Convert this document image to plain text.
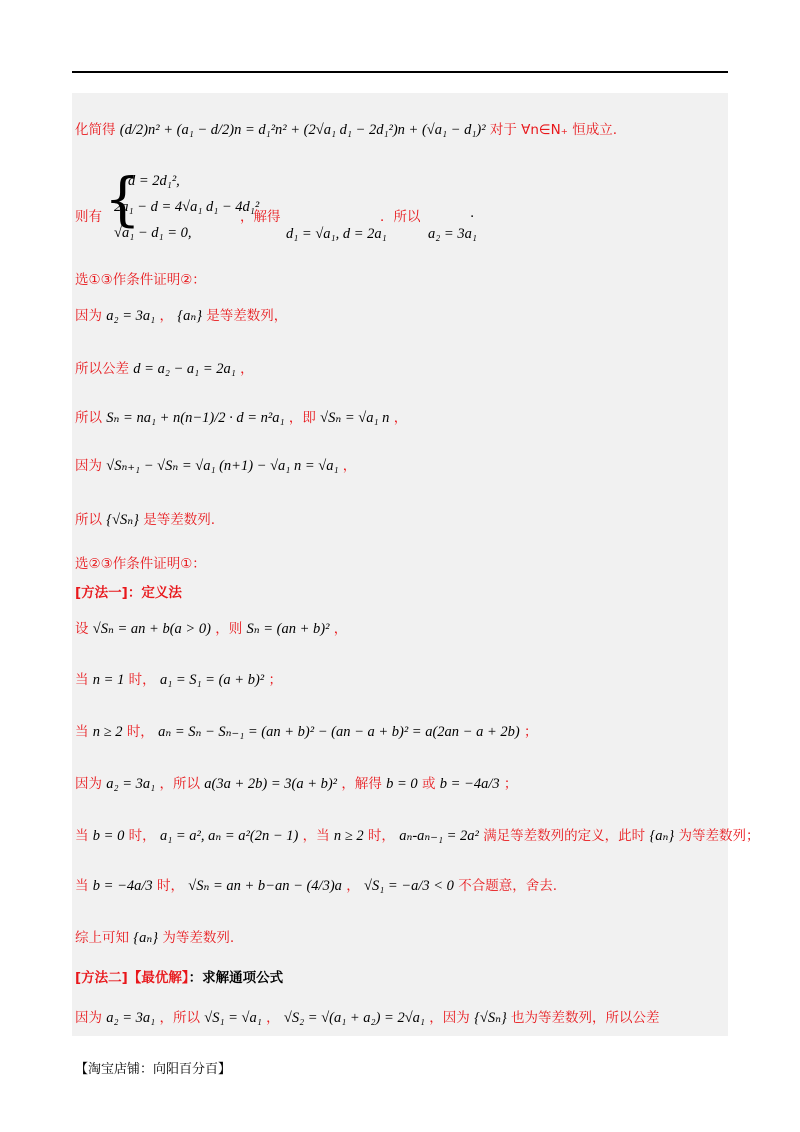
化简得 (d/2)n² + (a₁ − d/2)n = d₁²n² + (2√a₁ d₁ − 2d₁²)n + (√a₁ − d₁)² 对于 ∀n∈N₊ 恒成立.
则有 {
d = 2d₁²,
2a₁ − d = 4√a₁ d₁ − 4d₁²
√a₁ − d₁ = 0,
，解得
d₁ = √a₁, d = 2a₁
．所以
a₂ = 3a₁
.
选①③作条件证明②：
因为 a₂ = 3a₁ ， {aₙ} 是等差数列，
所以公差 d = a₂ − a₁ = 2a₁ ，
所以 Sₙ = na₁ + n(n−1)/2 · d = n²a₁ ，即 √Sₙ = √a₁ n ，
因为 √Sₙ₊₁ − √Sₙ = √a₁ (n+1) − √a₁ n = √a₁ ，
所以 {√Sₙ} 是等差数列.
选②③作条件证明①：
[方法一]：定义法
设 √Sₙ = an + b(a > 0) ，则 Sₙ = (an + b)² ，
当 n = 1 时， a₁ = S₁ = (a + b)² ；
当 n ≥ 2 时， aₙ = Sₙ − Sₙ₋₁ = (an + b)² − (an − a + b)² = a(2an − a + 2b) ；
因为 a₂ = 3a₁ ，所以 a(3a + 2b) = 3(a + b)² ，解得 b = 0 或 b = −4a/3 ；
当 b = 0 时， a₁ = a², aₙ = a²(2n − 1) ，当 n ≥ 2 时， aₙ-aₙ₋₁ = 2a² 满足等差数列的定义，此时 {aₙ} 为等差数列；
当 b = −4a/3 时， √Sₙ = an + b−an − (4/3)a ， √S₁ = −a/3 < 0 不合题意，舍去.
综上可知 {aₙ} 为等差数列.
[方法二]【最优解】：求解通项公式
因为 a₂ = 3a₁ ，所以 √S₁ = √a₁ ， √S₂ = √(a₁ + a₂) = 2√a₁ ，因为 {√Sₙ} 也为等差数列，所以公差
【淘宝店铺：向阳百分百】
